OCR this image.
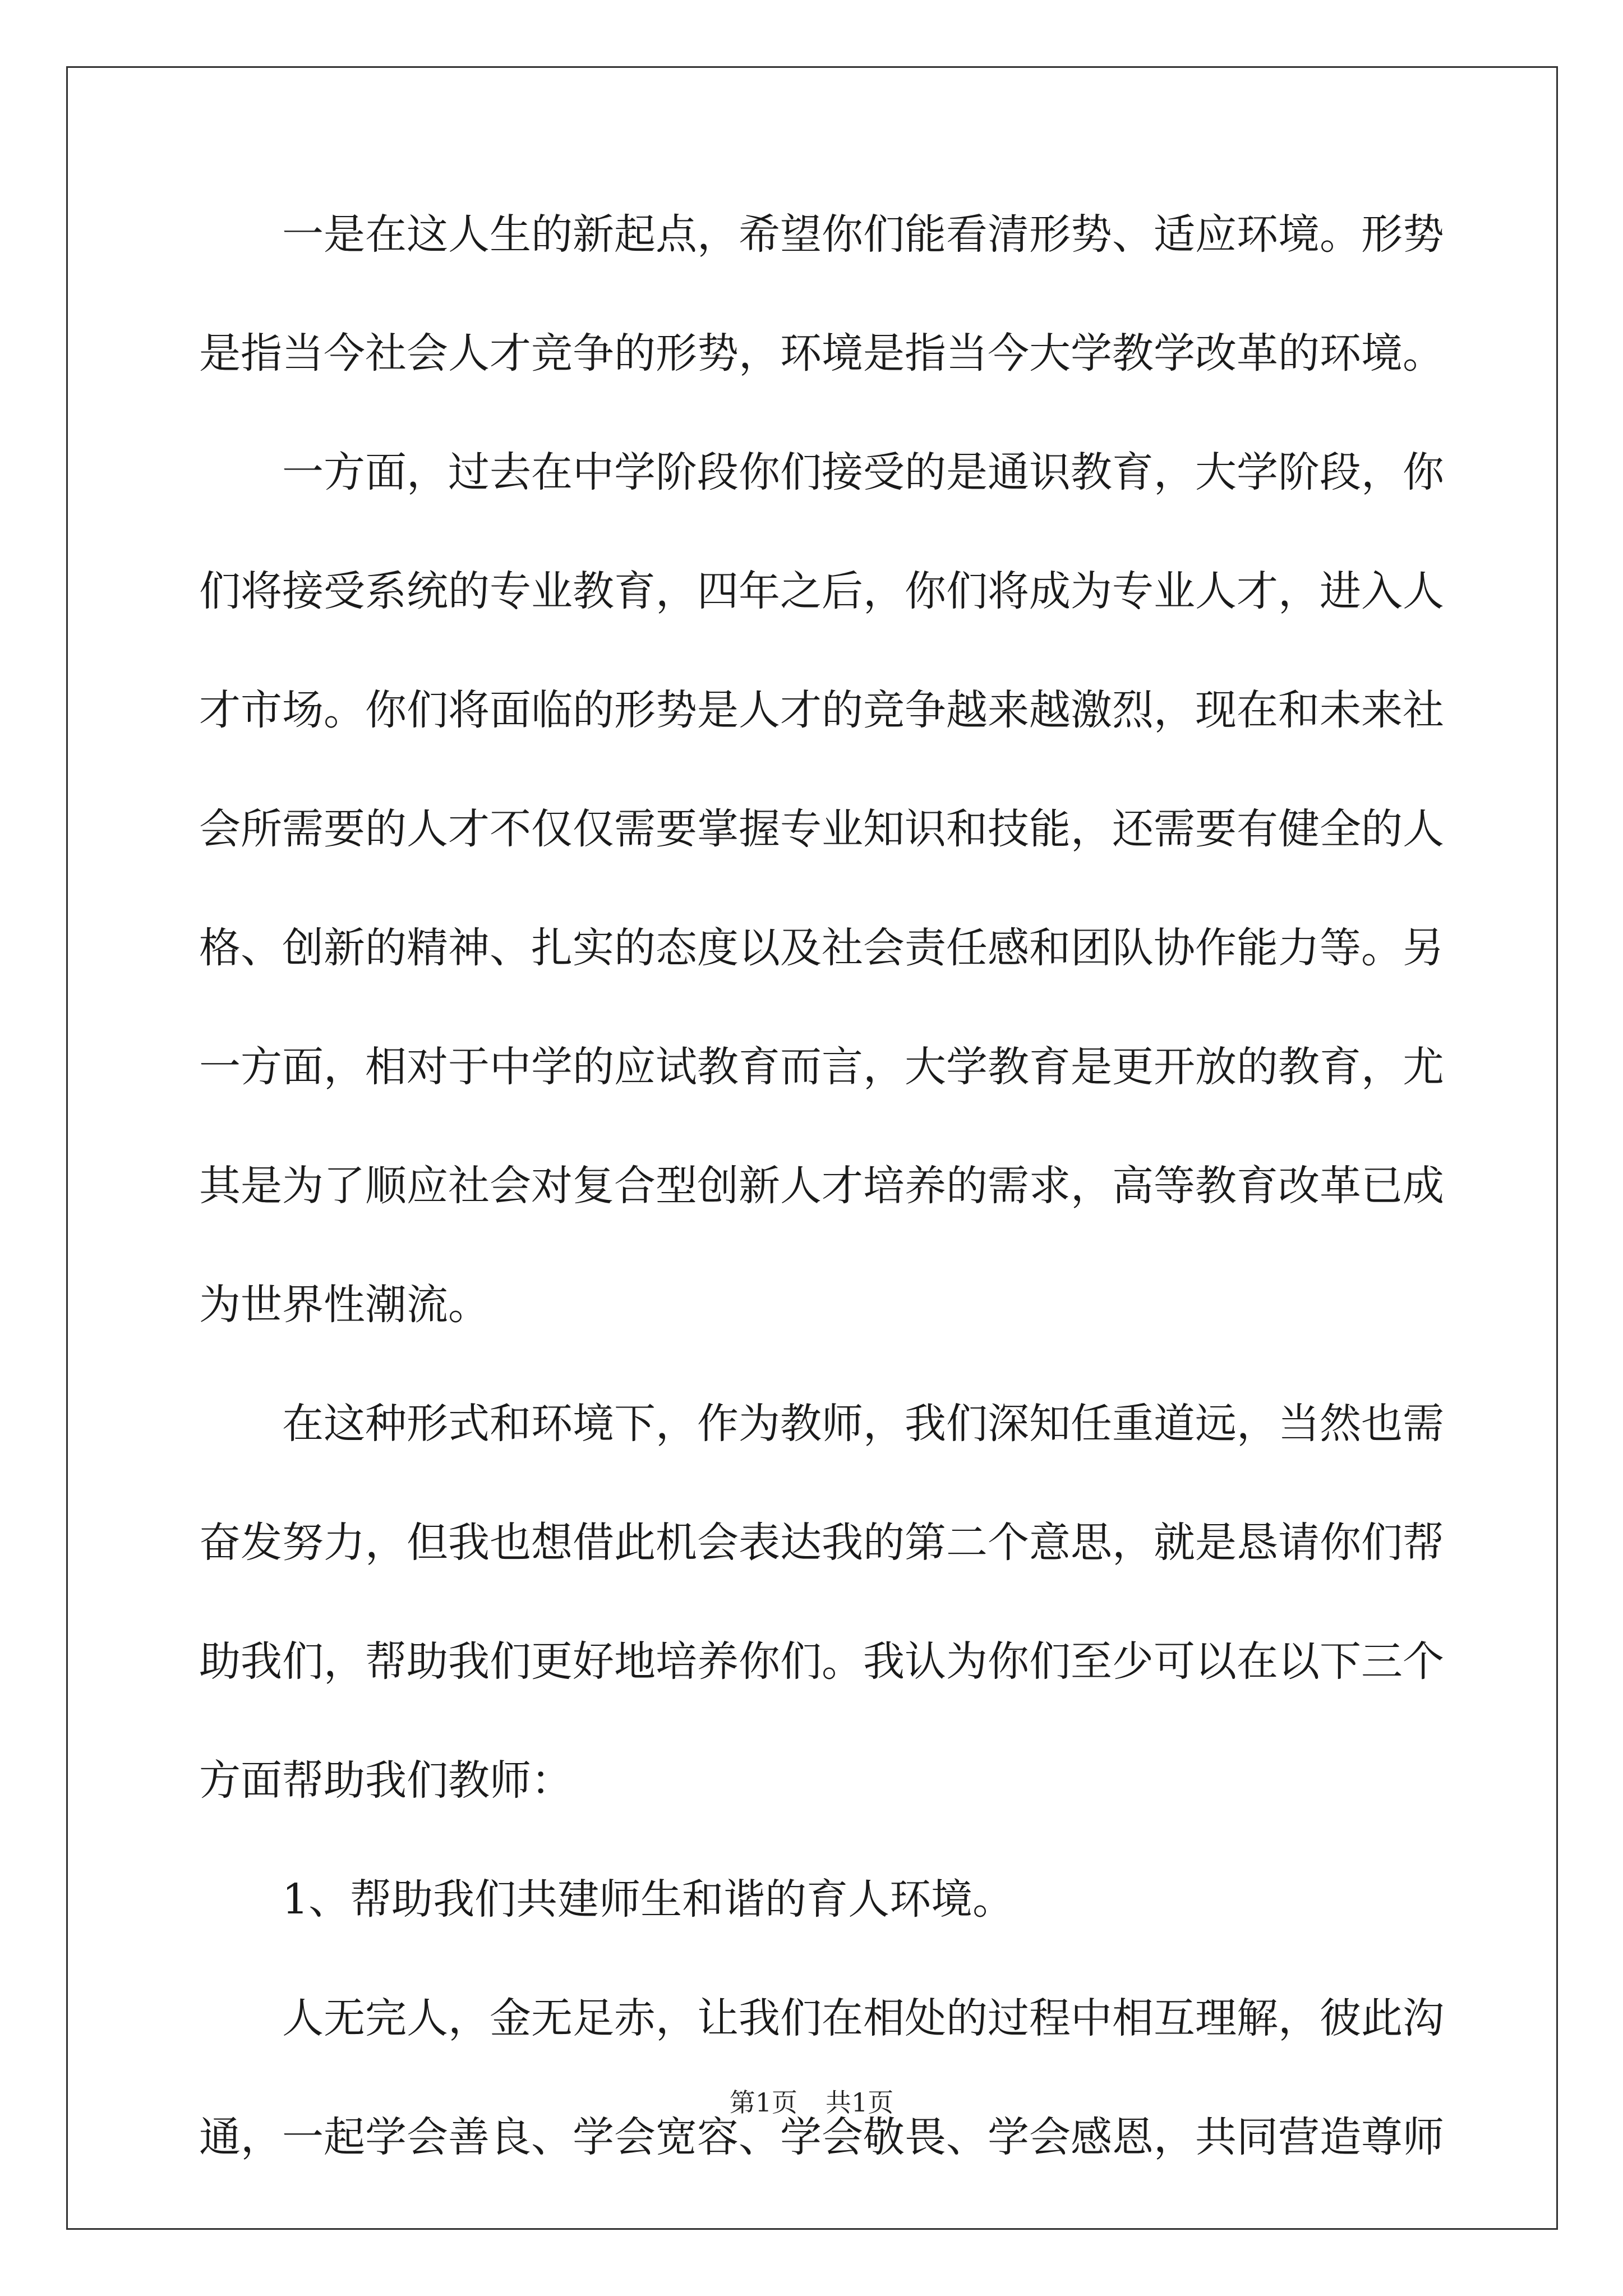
一 是 在 这 人 生 的 新 起 点 ， 希 望 你 们 能 看 清 形 势 、 适 应 环 境 。 形 势
是 指 当 今 社 会 人 才 竞 争 的 形 势 ， 环 境 是 指 当 今 大 学 教 学 改 革 的 环 境 。

一 方 面 ， 过 去 在 中 学 阶 段 你 们 接 受 的 是 通 识 教 育 ， 大 学 阶 段 ， 你
们 将 接 受 系 统 的 专 业 教 育 ， 四 年 之 后 ， 你 们 将 成 为 专 业 人 才 ， 进 入 人
才 市 场 。 你 们 将 面 临 的 形 势 是 人 才 的 竞 争 越 来 越 激 烈 ， 现 在 和 未 来 社
会 所 需 要 的 人 才 不 仅 仅 需 要 掌 握 专 业 知 识 和 技 能 ， 还 需 要 有 健 全 的 人
格 、 创 新 的 精 神 、 扎 实 的 态 度 以 及 社 会 责 任 感 和 团 队 协 作 能 力 等 。 另
一 方 面 ， 相 对 于 中 学 的 应 试 教 育 而 言 ， 大 学 教 育 是 更 开 放 的 教 育 ， 尤
其 是 为 了 顺 应 社 会 对 复 合 型 创 新 人 才 培 养 的 需 求 ， 高 等 教 育 改 革 已 成
为世界性潮流。

在 这 种 形 式 和 环 境 下 ， 作 为 教 师 ， 我 们 深 知 任 重 道 远 ， 当 然 也 需
奋 发 努 力 ， 但 我 也 想 借 此 机 会 表 达 我 的 第 二 个 意 思 ， 就 是 恳 请 你 们 帮
助 我 们 ， 帮 助 我 们 更 好 地 培 养 你 们 。 我 认 为 你 们 至 少 可 以 在 以 下 三 个
方面帮助我们教师：
　　1、帮助我们共建师生和谐的育人环境。

人 无 完 人 ， 金 无 足 赤 ， 让 我 们 在 相 处 的 过 程 中 相 互 理 解 ， 彼 此 沟
通 ， 一 起 学 会 善 良 、 学 会 宽 容 、 学 会 敬 畏 、 学 会 感 恩 ， 共 同 营 造 尊 师
第1页 共1页
